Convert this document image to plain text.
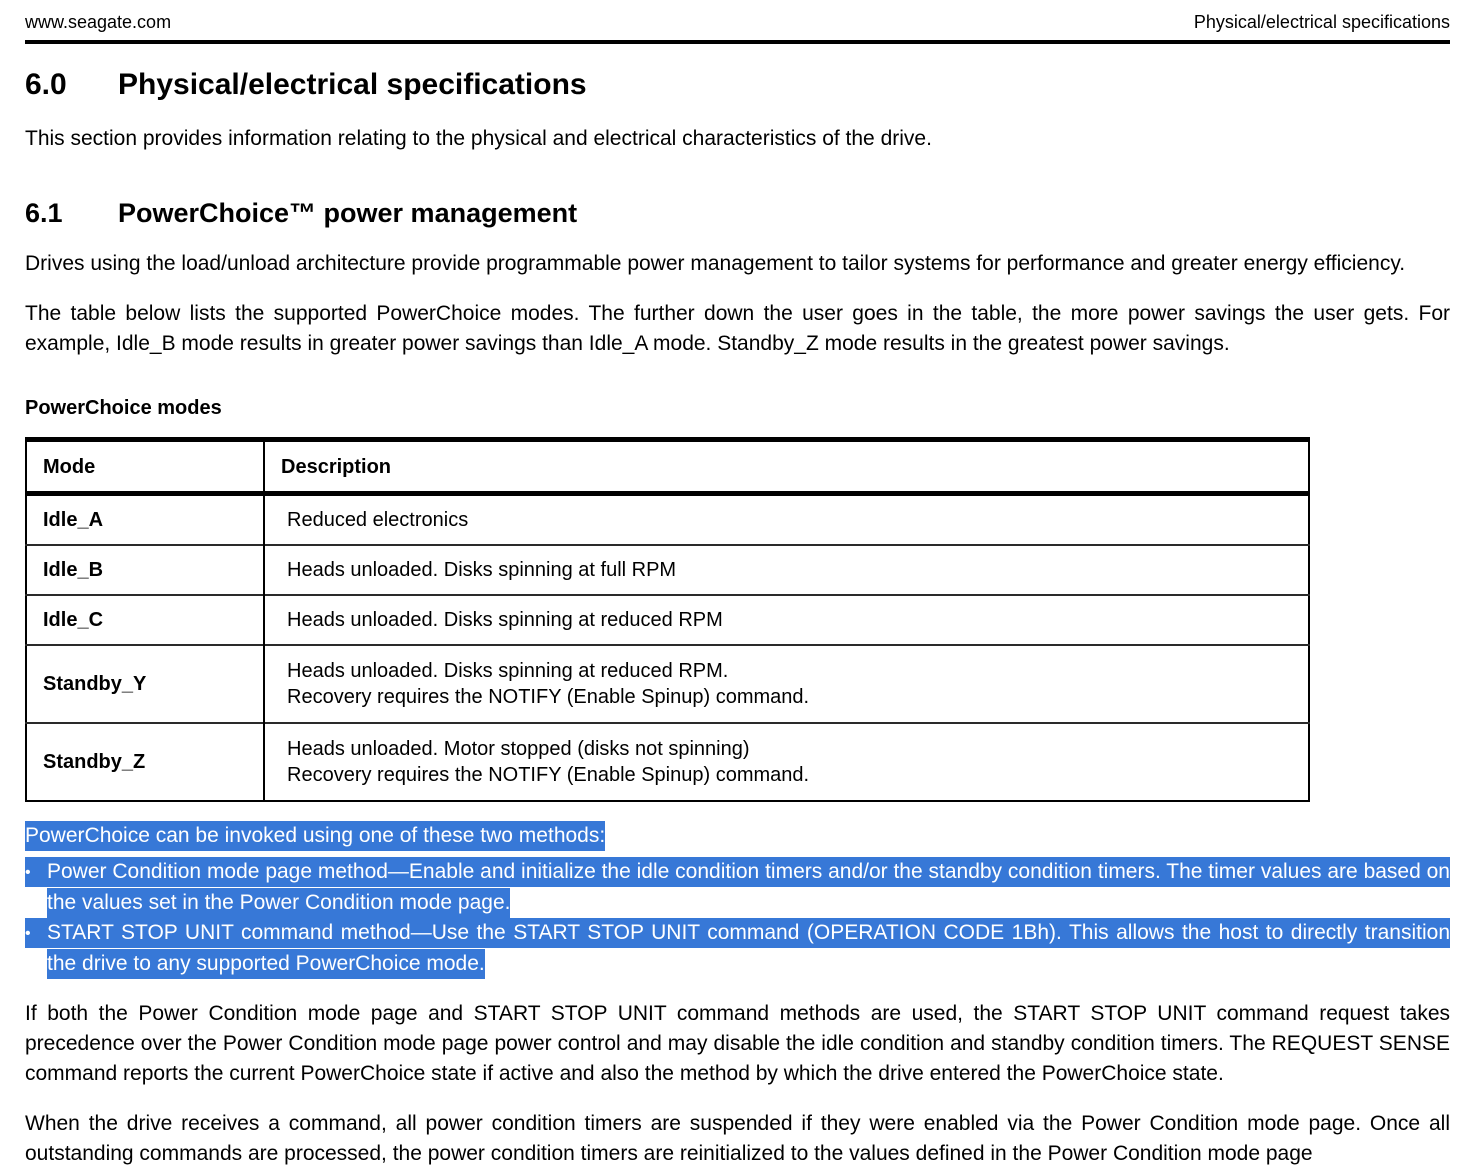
www.seagate.com	Physical/electrical specifications
6.0	Physical/electrical specifications
This section provides information relating to the physical and electrical characteristics of the drive.
6.1	PowerChoice™ power management
Drives using the load/unload architecture provide programmable power management to tailor systems for performance and greater energy efficiency.
The table below lists the supported PowerChoice modes. The further down the user goes in the table, the more power savings the user gets. For example, Idle_B mode results in greater power savings than Idle_A mode. Standby_Z mode results in the greatest power savings.
PowerChoice modes
Mode	Description
Idle_A	Reduced electronics
Idle_B	Heads unloaded. Disks spinning at full RPM
Idle_C	Heads unloaded. Disks spinning at reduced RPM
Standby_Y	Heads unloaded. Disks spinning at reduced RPM.
Recovery requires the NOTIFY (Enable Spinup) command.
Standby_Z	Heads unloaded. Motor stopped (disks not spinning)
Recovery requires the NOTIFY (Enable Spinup) command.
PowerChoice can be invoked using one of these two methods:
• Power Condition mode page method—Enable and initialize the idle condition timers and/or the standby condition timers. The timer values are based on the values set in the Power Condition mode page.
• START STOP UNIT command method—Use the START STOP UNIT command (OPERATION CODE 1Bh). This allows the host to directly transition the drive to any supported PowerChoice mode.
If both the Power Condition mode page and START STOP UNIT command methods are used, the START STOP UNIT command request takes precedence over the Power Condition mode page power control and may disable the idle condition and standby condition timers. The REQUEST SENSE command reports the current PowerChoice state if active and also the method by which the drive entered the PowerChoice state.
When the drive receives a command, all power condition timers are suspended if they were enabled via the Power Condition mode page. Once all outstanding commands are processed, the power condition timers are reinitialized to the values defined in the Power Condition mode page
